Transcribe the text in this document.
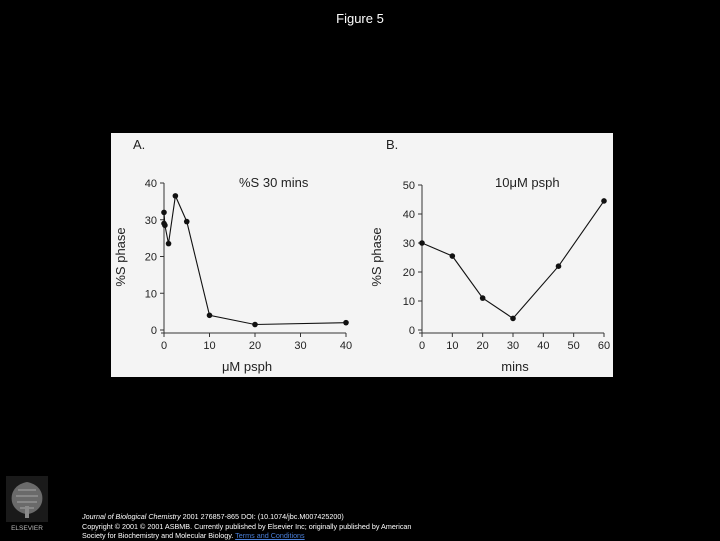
Figure 5
A.
%S 30 mins
0
10
20
30
40
0	10	20	30	40
μM psph
%S phase
B.
10μM psph
0
10
20
30
40
50
0 10 20 30 40 50 60
mins
%S phase
ELSEVIER
Journal of Biological Chemistry 2001 276857-865 DOI: (10.1074/jbc.M007425200)
Copyright © 2001 © 2001 ASBMB. Currently published by Elsevier Inc; originally published by American
Society for Biochemistry and Molecular Biology. Terms and Conditions
